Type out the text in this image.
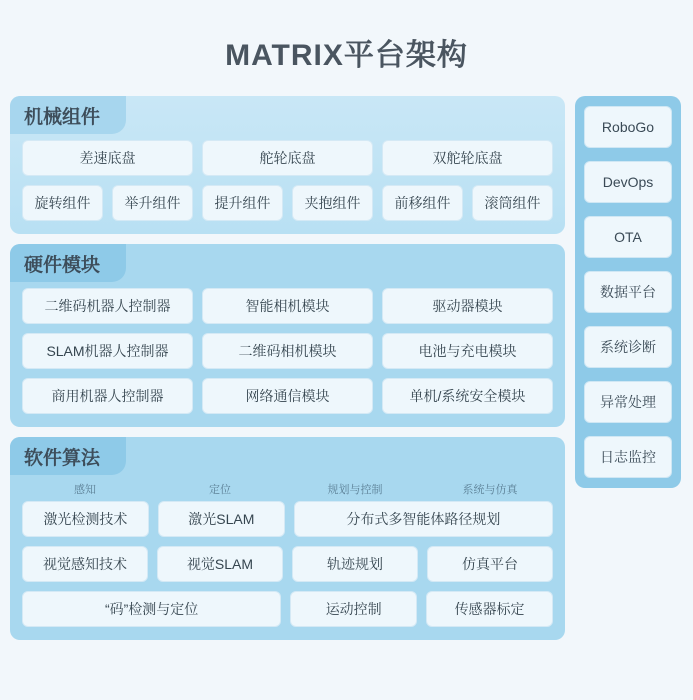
MATRIX平台架构
机械组件
差速底盘	舵轮底盘	双舵轮底盘
旋转组件	举升组件	提升组件	夹抱组件	前移组件	滚筒组件
硬件模块
二维码机器人控制器	智能相机模块	驱动器模块
SLAM机器人控制器	二维码相机模块	电池与充电模块
商用机器人控制器	网络通信模块	单机/系统安全模块
软件算法
感知	定位	规划与控制	系统与仿真
激光检测技术	激光SLAM	分布式多智能体路径规划
视觉感知技术	视觉SLAM	轨迹规划	仿真平台
“码”检测与定位	运动控制	传感器标定
RoboGo
DevOps
OTA
数据平台
系统诊断
异常处理
日志监控
